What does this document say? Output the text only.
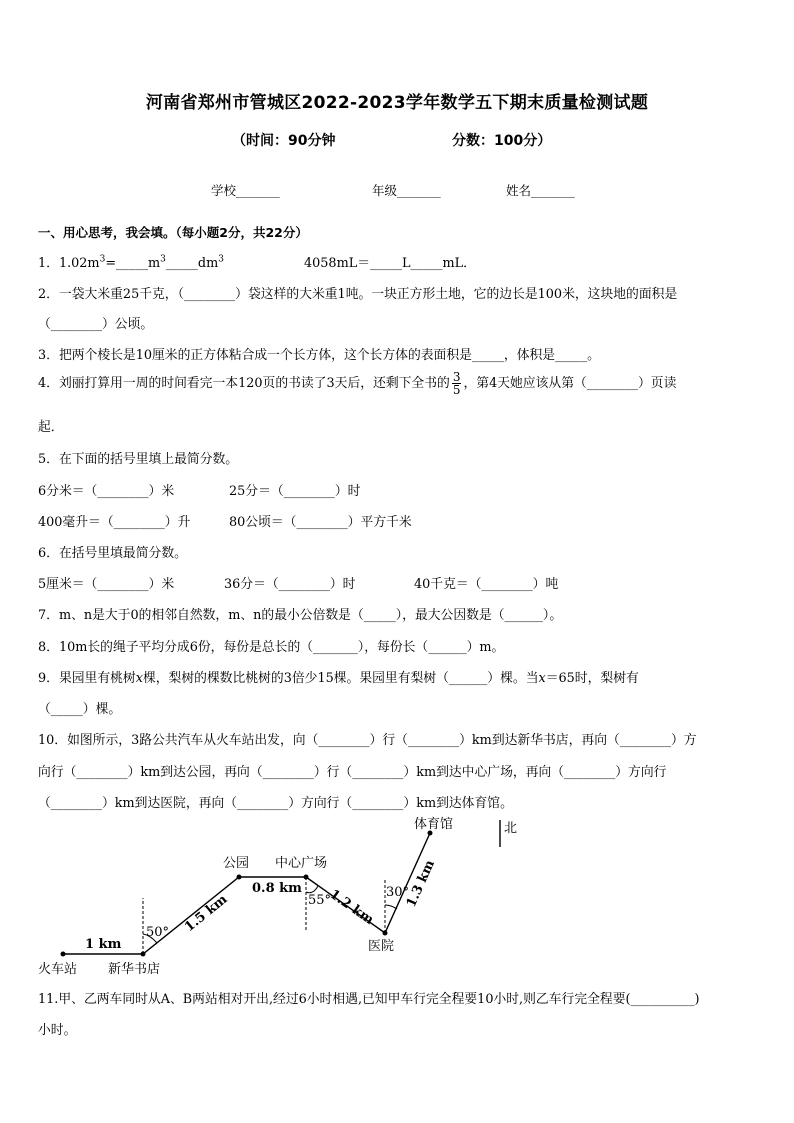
河南省郑州市管城区2022-2023学年数学五下期末质量检测试题
（时间：90分钟	分数：100分）
学校_______	年级_______	姓名_______
一、用心思考，我会填。（每小题2分，共22分）
1．$1.02m^3=\_\_\_\_\_m^3\_\_\_\_\_dm^3$	4058mL＝_____L_____mL．
2．一袋大米重25千克，（________）袋这样的大米重1吨。一块正方形土地，它的边长是100米，这块地的面积是
（________）公顷。
3．把两个棱长是10厘米的正方体粘合成一个长方体，这个长方体的表面积是_____，体积是_____。
4．刘丽打算用一周的时间看完一本120页的书读了3天后，还剩下全书的 $\frac{3}{5}$ ，第4天她应该从第（________）页读
起．
5．在下面的括号里填上最简分数。
6分米＝（________）米	25分＝（________）时
400毫升＝（________）升	80公顷＝（________）平方千米
6．在括号里填最简分数。
5厘米＝（________）米	36分＝（________）时	40千克＝（________）吨
7．m、n是大于0的相邻自然数，m、n的最小公倍数是（_____），最大公因数是（______）。
8．10m长的绳子平均分成6份，每份是总长的（_______），每份长（______）m。
9．果园里有桃树x棵，梨树的棵数比桃树的3倍少15棵。果园里有梨树（______）棵。当x＝65时，梨树有
（_____）棵。
10．如图所示，3路公共汽车从火车站出发，向（________）行（________）km到达新华书店，再向（________）方
向行（________）km到达公园，再向（________）行（________）km到达中心广场，再向（________）方向行
（________）km到达医院，再向（________）方向行（________）km到达体育馆。
北
体育馆
公园 中心广场
医院
火车站 新华书店
1 km
1.5 km
0.8 km 1.2 km 1.3 km
50°
55°
30°
11.甲、乙两车同时从A、B两站相对开出,经过6小时相遇,已知甲车行完全程要10小时,则乙车行完全程要(__________)
小时。
